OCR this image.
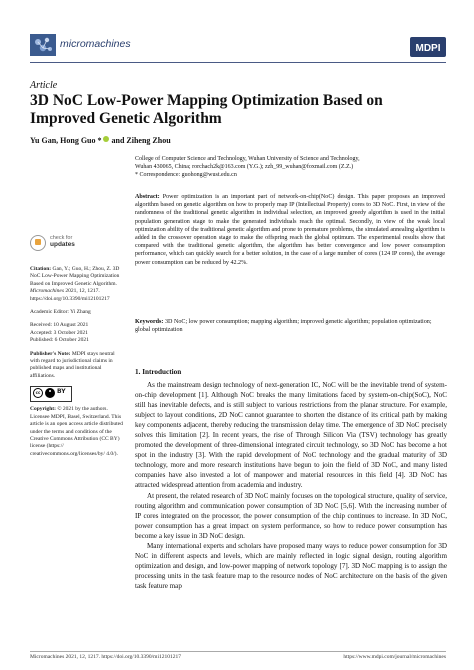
micromachines	MDPI
Article
3D NoC Low-Power Mapping Optimization Based on Improved Genetic Algorithm
Yu Gan, Hong Guo * and Ziheng Zhou
College of Computer Science and Technology, Wuhan University of Science and Technology,
Wuhan 430065, China; rorchach2k@163.com (Y.G.); zzh_99_wuhan@foxmail.com (Z.Z.)
* Correspondence: guohong@wust.edu.cn
Abstract: Power optimization is an important part of network-on-chip(NoC) design. This paper proposes an improved algorithm based on genetic algorithm on how to properly map IP (Intellectual Property) cores to 3D NoC. First, in view of the randomness of the traditional genetic algorithm in individual selection, an improved greedy algorithm is used in the initial population generation stage to make the generated individuals reach the optimal. Secondly, in view of the weak local optimization ability of the traditional genetic algorithm and prone to premature problems, the simulated annealing algorithm is added in the crossover operation stage to make the offspring reach the global optimum. The experimental results show that compared with the traditional genetic algorithm, the algorithm has better convergence and low power consumption performance, which can quickly search for a better solution, in the case of a large number of cores (124 IP cores), the average power consumption can be reduced by 42.2%.
Keywords: 3D NoC; low power consumption; mapping algorithm; improved genetic algorithm; population optimization; global optimization
check for
updates

Citation: Gan, Y.; Guo, H.; Zhou, Z. 3D NoC Low-Power Mapping Optimization Based on Improved Genetic Algorithm. Micromachines 2021, 12, 1217. https://doi.org/10.3390/mi12101217

Academic Editor: Yi Zhang

Received: 10 August 2021
Accepted: 3 October 2021
Published: 6 October 2021

Publisher's Note: MDPI stays neutral with regard to jurisdictional claims in published maps and institutional affiliations.

cc	BY

Copyright: © 2021 by the authors. Licensee MDPI, Basel, Switzerland. This article is an open access article distributed under the terms and conditions of the Creative Commons Attribution (CC BY) license (https:// creativecommons.org/licenses/by/ 4.0/).

1. Introduction

As the mainstream design technology of next-generation IC, NoC will be the inevitable trend of system-on-chip development [1]. Although NoC breaks the many limitations faced by system-on-chip(SoC), NoC still has inevitable defects, and is still subject to various restrictions from the planar structure. For example, subject to layout conditions, 2D NoC cannot guarantee to shorten the distance of its critical path by making key components adjacent, thereby reducing the transmission delay time. The emergence of 3D NoC precisely solves this limitation [2]. In recent years, the rise of Through Silicon Via (TSV) technology has greatly promoted the development of three-dimensional integrated circuit technology, so 3D NoC has become a hot spot in the industry [3]. With the rapid development of NoC technology and the gradual maturity of 3D technology, more and more research institutions have begun to join the field of 3D NoC, and many listed companies have also invested a lot of manpower and material resources in this field [4]. 3D NoC has attracted widespread attention from academia and industry.

At present, the related research of 3D NoC mainly focuses on the topological structure, quality of service, routing algorithm and communication power consumption of 3D NoC [5,6]. With the increasing number of IP cores integrated on the processor, the power consumption of the chip continues to increase. In 3D NoC, power consumption has a great impact on system performance, so how to reduce power consumption has become a key issue in 3D NoC design.

Many international experts and scholars have proposed many ways to reduce power consumption for 3D NoC in different aspects and levels, which are mainly reflected in logic signal design, routing algorithm optimization and design, and low-power mapping of network topology [7]. 3D NoC mapping is to assign the processing units in the task feature map to the resource nodes of NoC architecture on the basis of the given task feature map

Micromachines 2021, 12, 1217. https://doi.org/10.3390/mi12101217	https://www.mdpi.com/journal/micromachines
